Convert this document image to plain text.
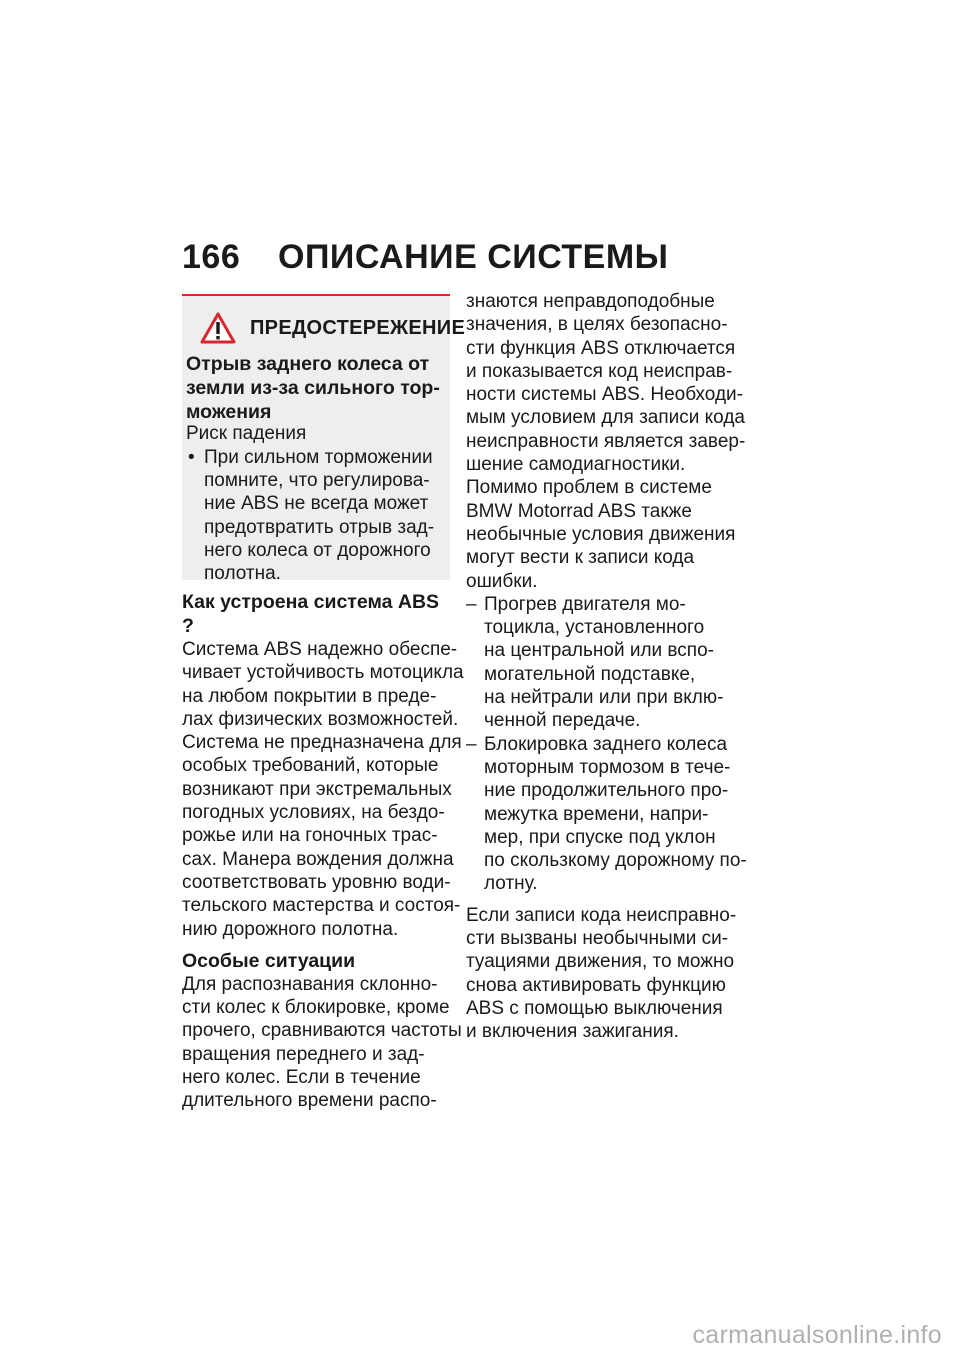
166 ОПИСАНИЕ СИСТЕМЫ
ПРЕДОСТЕРЕЖЕНИЕ
Отрыв заднего колеса от
земли из-за сильного тор-
можения
Риск падения
• При сильном торможении
помните, что регулирова-
ние ABS не всегда может
предотвратить отрыв зад-
него колеса от дорожного
полотна.
Как устроена система ABS
?
Система ABS надежно обеспе-
чивает устойчивость мотоцикла
на любом покрытии в преде-
лах физических возможностей.
Система не предназначена для
особых требований, которые
возникают при экстремальных
погодных условиях, на бездо-
рожье или на гоночных трас-
сах. Манера вождения должна
соответствовать уровню води-
тельского мастерства и состоя-
нию дорожного полотна.
Особые ситуации
Для распознавания склонно-
сти колес к блокировке, кроме
прочего, сравниваются частоты
вращения переднего и зад-
него колес. Если в течение
длительного времени распо-
знаются неправдоподобные
значения, в целях безопасно-
сти функция ABS отключается
и показывается код неисправ-
ности системы ABS. Необходи-
мым условием для записи кода
неисправности является завер-
шение самодиагностики.
Помимо проблем в системе
BMW Motorrad ABS также
необычные условия движения
могут вести к записи кода
ошибки.
– Прогрев двигателя мо-
тоцикла, установленного
на центральной или вспо-
могательной подставке,
на нейтрали или при вклю-
ченной передаче.
– Блокировка заднего колеса
моторным тормозом в тече-
ние продолжительного про-
межутка времени, напри-
мер, при спуске под уклон
по скользкому дорожному по-
лотну.
Если записи кода неисправно-
сти вызваны необычными си-
туациями движения, то можно
снова активировать функцию
ABS с помощью выключения
и включения зажигания.
carmanualsonline.info
